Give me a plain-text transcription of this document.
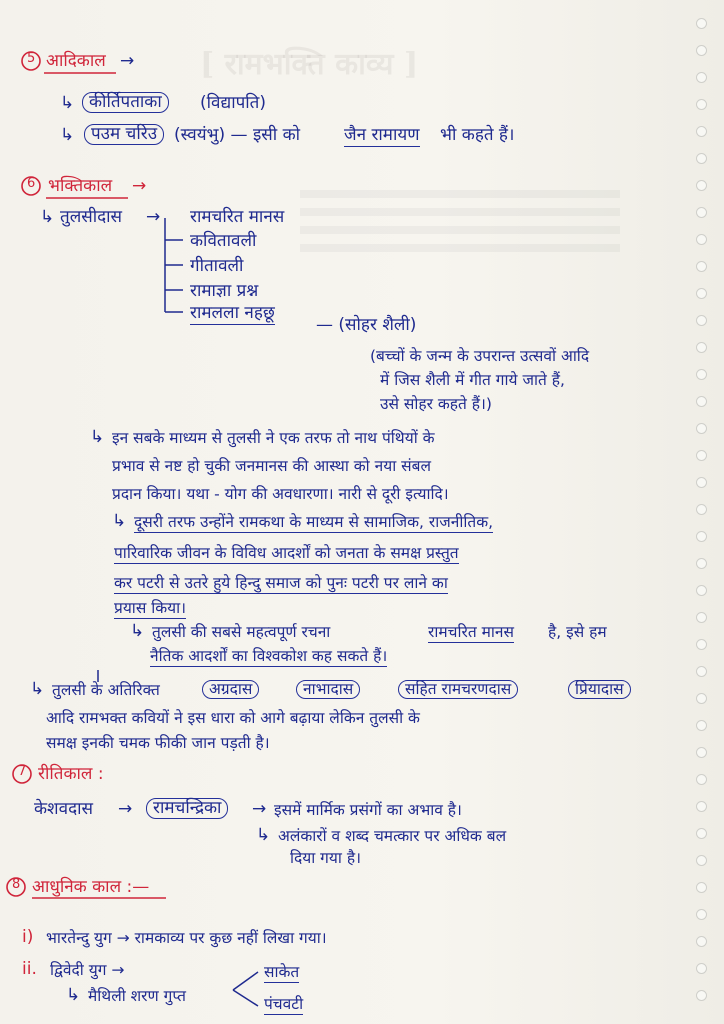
[ रामभक्ति काव्य ]
आदिकाल
5	→
↳ कीर्तिपताका	(विद्यापति)
↳ पउम चरिउ (स्वयंभु) — इसी को	जैन रामायण भी कहते हैं।
6 भक्तिकाल →
↳ तुलसीदास → रामचरित मानस
कवितावली
गीतावली
रामाज्ञा प्रश्न
रामलला नहछू
— (सोहर शैली)
(बच्चों के जन्म के उपरान्त उत्सवों आदि
में जिस शैली में गीत गाये जाते हैं,
उसे सोहर कहते हैं।)
↳ इन सबके माध्यम से तुलसी ने एक तरफ तो नाथ पंथियों के
प्रभाव से नष्ट हो चुकी जनमानस की आस्था को नया संबल
प्रदान किया। यथा - योग की अवधारणा। नारी से दूरी इत्यादि।
↳ दूसरी तरफ उन्होंने रामकथा के माध्यम से सामाजिक, राजनीतिक,
पारिवारिक जीवन के विविध आदर्शों को जनता के समक्ष प्रस्तुत
कर पटरी से उतरे हुये हिन्दु समाज को पुनः पटरी पर लाने का
प्रयास किया।
↳ तुलसी की सबसे महत्वपूर्ण रचना	रामचरित मानस है, इसे हम
नैतिक आदर्शों का विश्वकोश कह सकते हैं।
↳ तुलसी के अतिरिक्त	अग्रदास	नाभादास	सहित रामचरणदास	प्रियादास
आदि रामभक्त कवियों ने इस धारा को आगे बढ़ाया लेकिन तुलसी के
समक्ष इनकी चमक फीकी जान पड़ती है।
7 रीतिकाल :
केशवदास →	रामचन्द्रिका	→ इसमें मार्मिक प्रसंगों का अभाव है।
↳ अलंकारों व शब्द चमत्कार पर अधिक बल
दिया गया है।
8 आधुनिक काल :—
i) भारतेन्दु युग → रामकाव्य पर कुछ नहीं लिखा गया।
ii. द्विवेदी युग →
↳ मैथिली शरण गुप्त
साकेत
पंचवटी
